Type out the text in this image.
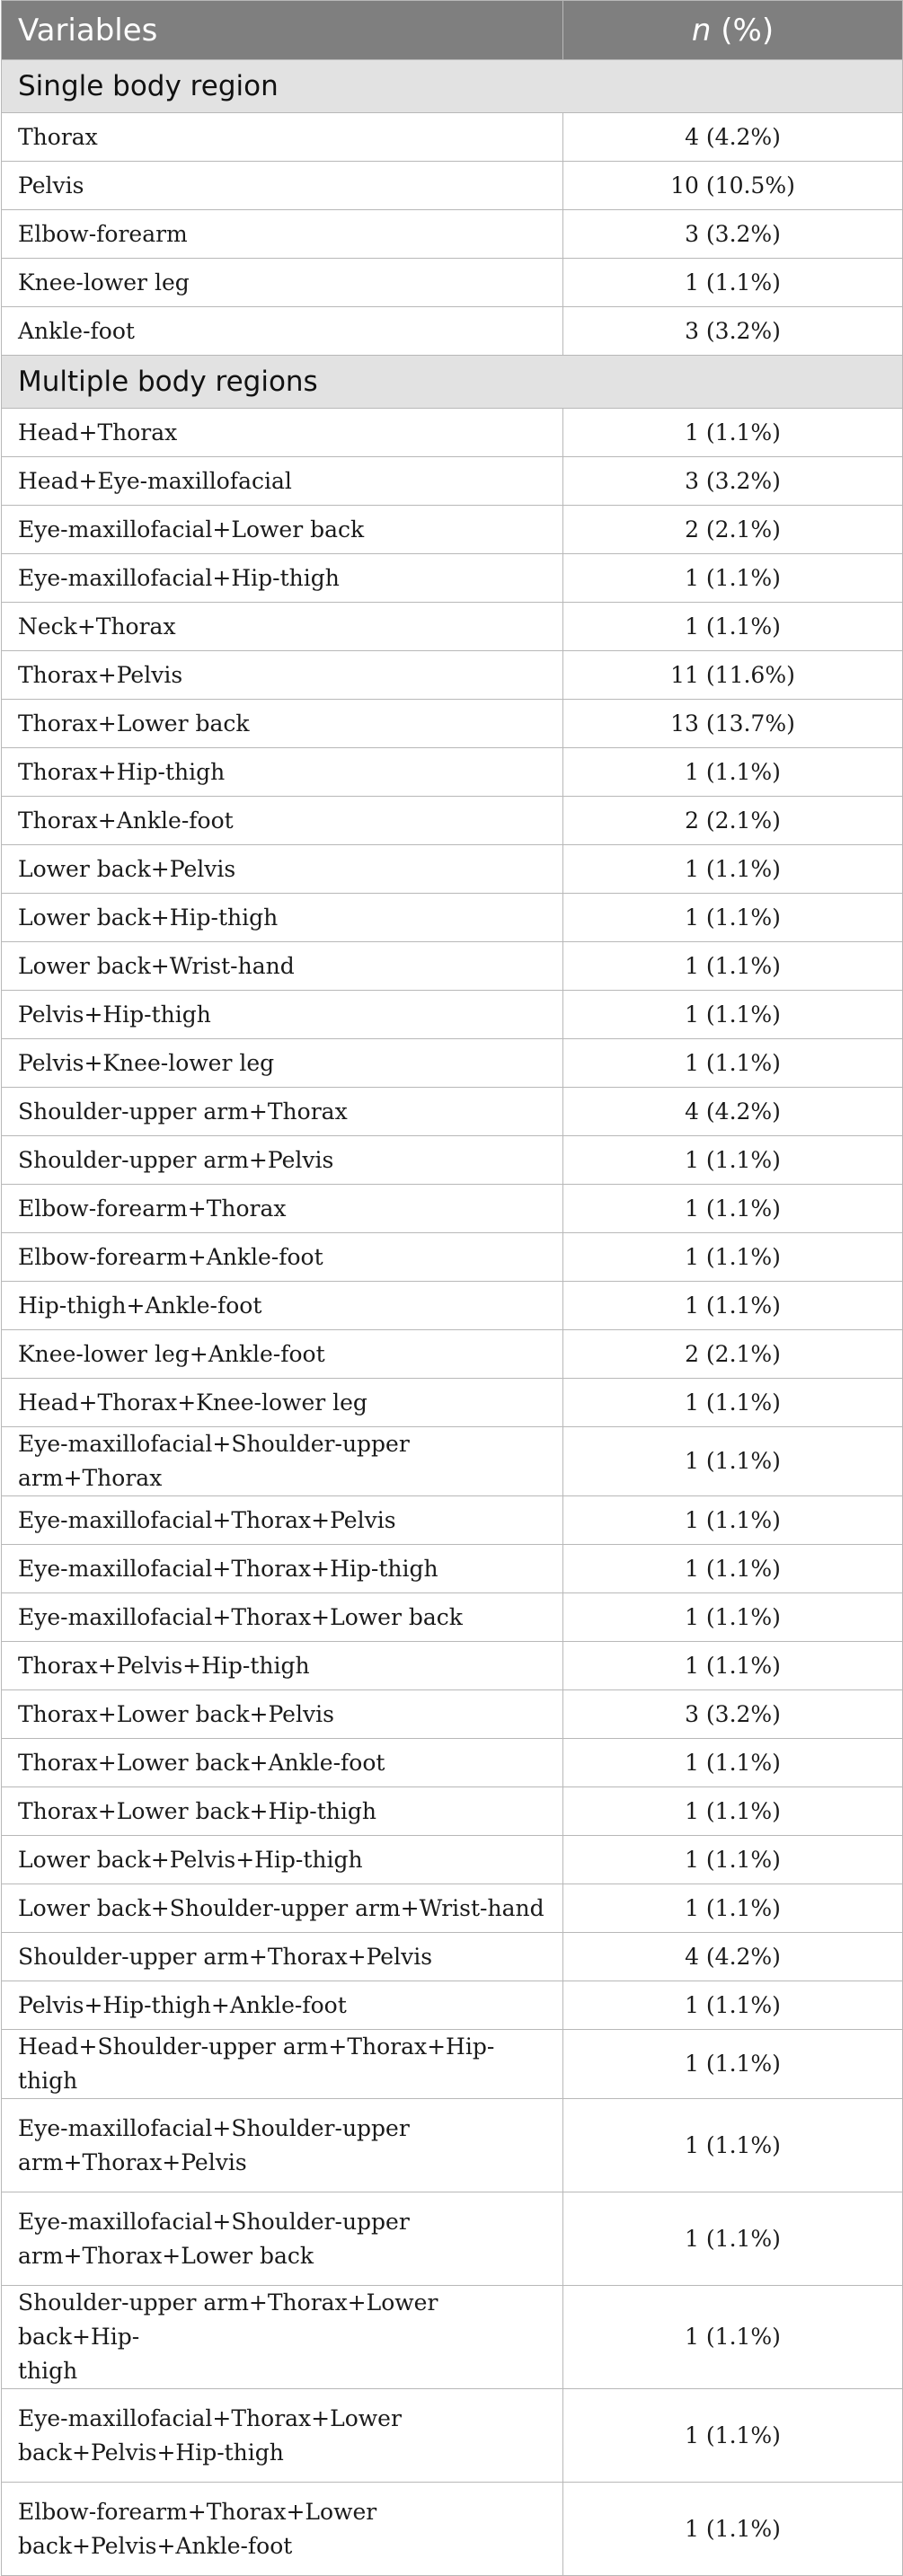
Variables	n (%)
Single body region	
Thorax	4 (4.2%)
Pelvis	10 (10.5%)
Elbow-forearm	3 (3.2%)
Knee-lower leg	1 (1.1%)
Ankle-foot	3 (3.2%)
Multiple body regions	
Head+Thorax	1 (1.1%)
Head+Eye-maxillofacial	3 (3.2%)
Eye-maxillofacial+Lower back	2 (2.1%)
Eye-maxillofacial+Hip-thigh	1 (1.1%)
Neck+Thorax	1 (1.1%)
Thorax+Pelvis	11 (11.6%)
Thorax+Lower back	13 (13.7%)
Thorax+Hip-thigh	1 (1.1%)
Thorax+Ankle-foot	2 (2.1%)
Lower back+Pelvis	1 (1.1%)
Lower back+Hip-thigh	1 (1.1%)
Lower back+Wrist-hand	1 (1.1%)
Pelvis+Hip-thigh	1 (1.1%)
Pelvis+Knee-lower leg	1 (1.1%)
Shoulder-upper arm+Thorax	4 (4.2%)
Shoulder-upper arm+Pelvis	1 (1.1%)
Elbow-forearm+Thorax	1 (1.1%)
Elbow-forearm+Ankle-foot	1 (1.1%)
Hip-thigh+Ankle-foot	1 (1.1%)
Knee-lower leg+Ankle-foot	2 (2.1%)
Head+Thorax+Knee-lower leg	1 (1.1%)
Eye-maxillofacial+Shoulder-upper arm+Thorax	1 (1.1%)
Eye-maxillofacial+Thorax+Pelvis	1 (1.1%)
Eye-maxillofacial+Thorax+Hip-thigh	1 (1.1%)
Eye-maxillofacial+Thorax+Lower back	1 (1.1%)
Thorax+Pelvis+Hip-thigh	1 (1.1%)
Thorax+Lower back+Pelvis	3 (3.2%)
Thorax+Lower back+Ankle-foot	1 (1.1%)
Thorax+Lower back+Hip-thigh	1 (1.1%)
Lower back+Pelvis+Hip-thigh	1 (1.1%)
Lower back+Shoulder-upper arm+Wrist-hand	1 (1.1%)
Shoulder-upper arm+Thorax+Pelvis	4 (4.2%)
Pelvis+Hip-thigh+Ankle-foot	1 (1.1%)
Head+Shoulder-upper arm+Thorax+Hip-thigh	1 (1.1%)
Eye-maxillofacial+Shoulder-upper
arm+Thorax+Pelvis	1 (1.1%)
Eye-maxillofacial+Shoulder-upper
arm+Thorax+Lower back	1 (1.1%)
Shoulder-upper arm+Thorax+Lower back+Hip-
thigh	1 (1.1%)
Eye-maxillofacial+Thorax+Lower
back+Pelvis+Hip-thigh	1 (1.1%)
Elbow-forearm+Thorax+Lower
back+Pelvis+Ankle-foot	1 (1.1%)
